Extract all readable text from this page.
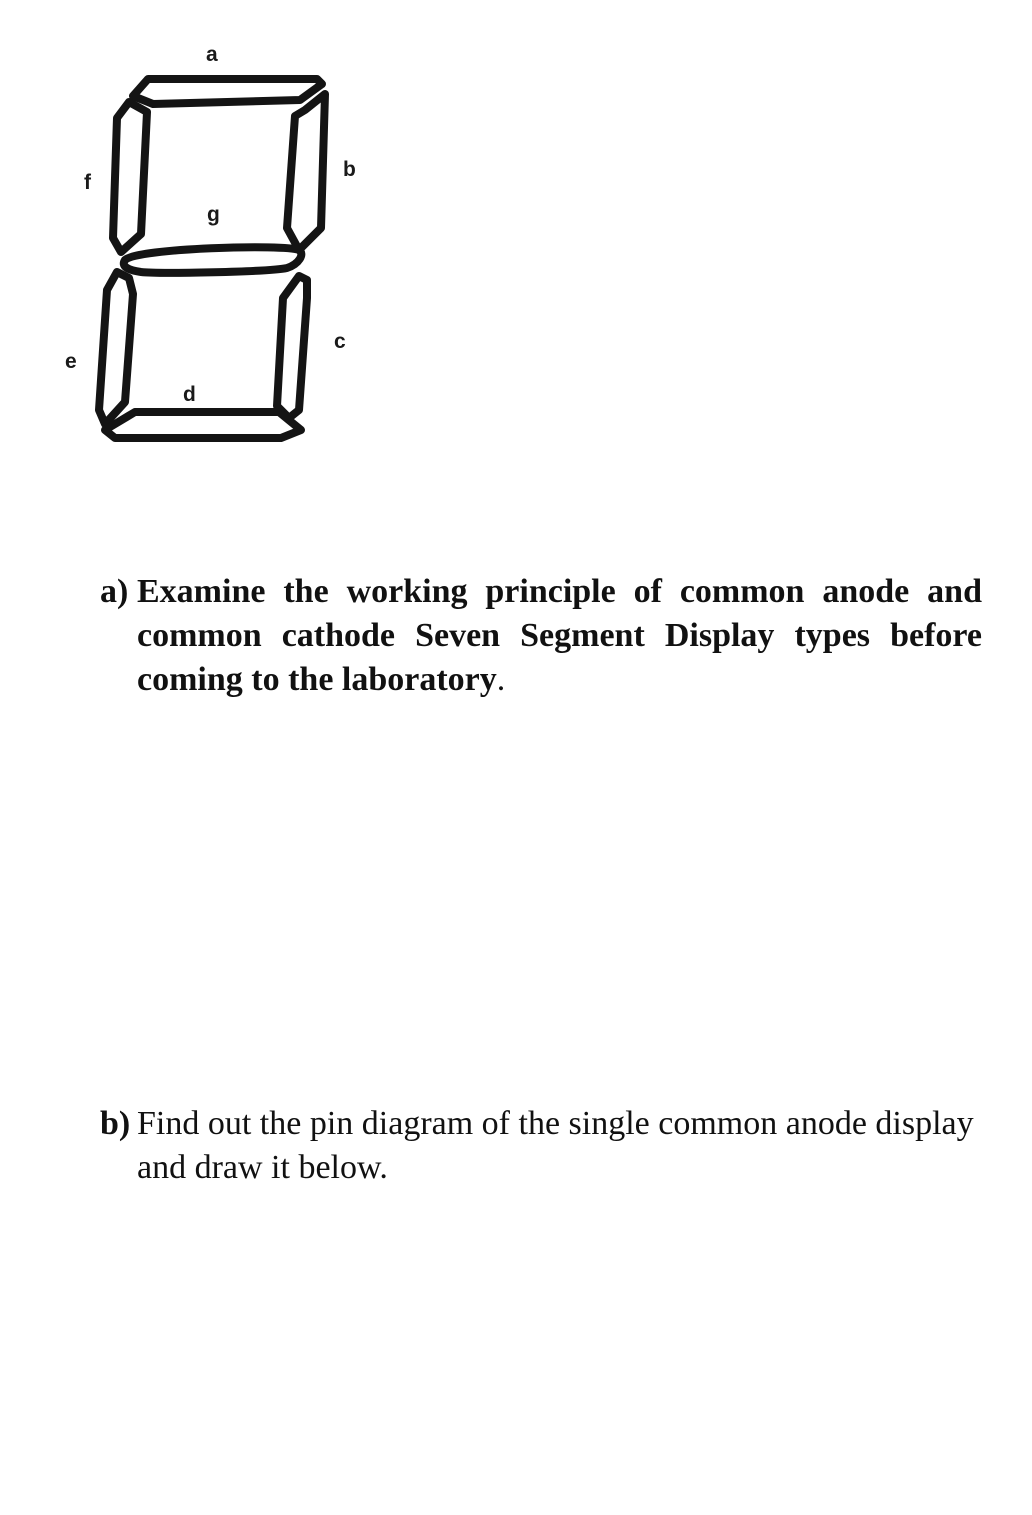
a
b
f
g
c
e
d
a) Examine the working principle of common anode and
common cathode Seven Segment Display types before
coming to the laboratory.
b) Find out the pin diagram of the single common anode display
and draw it below.
